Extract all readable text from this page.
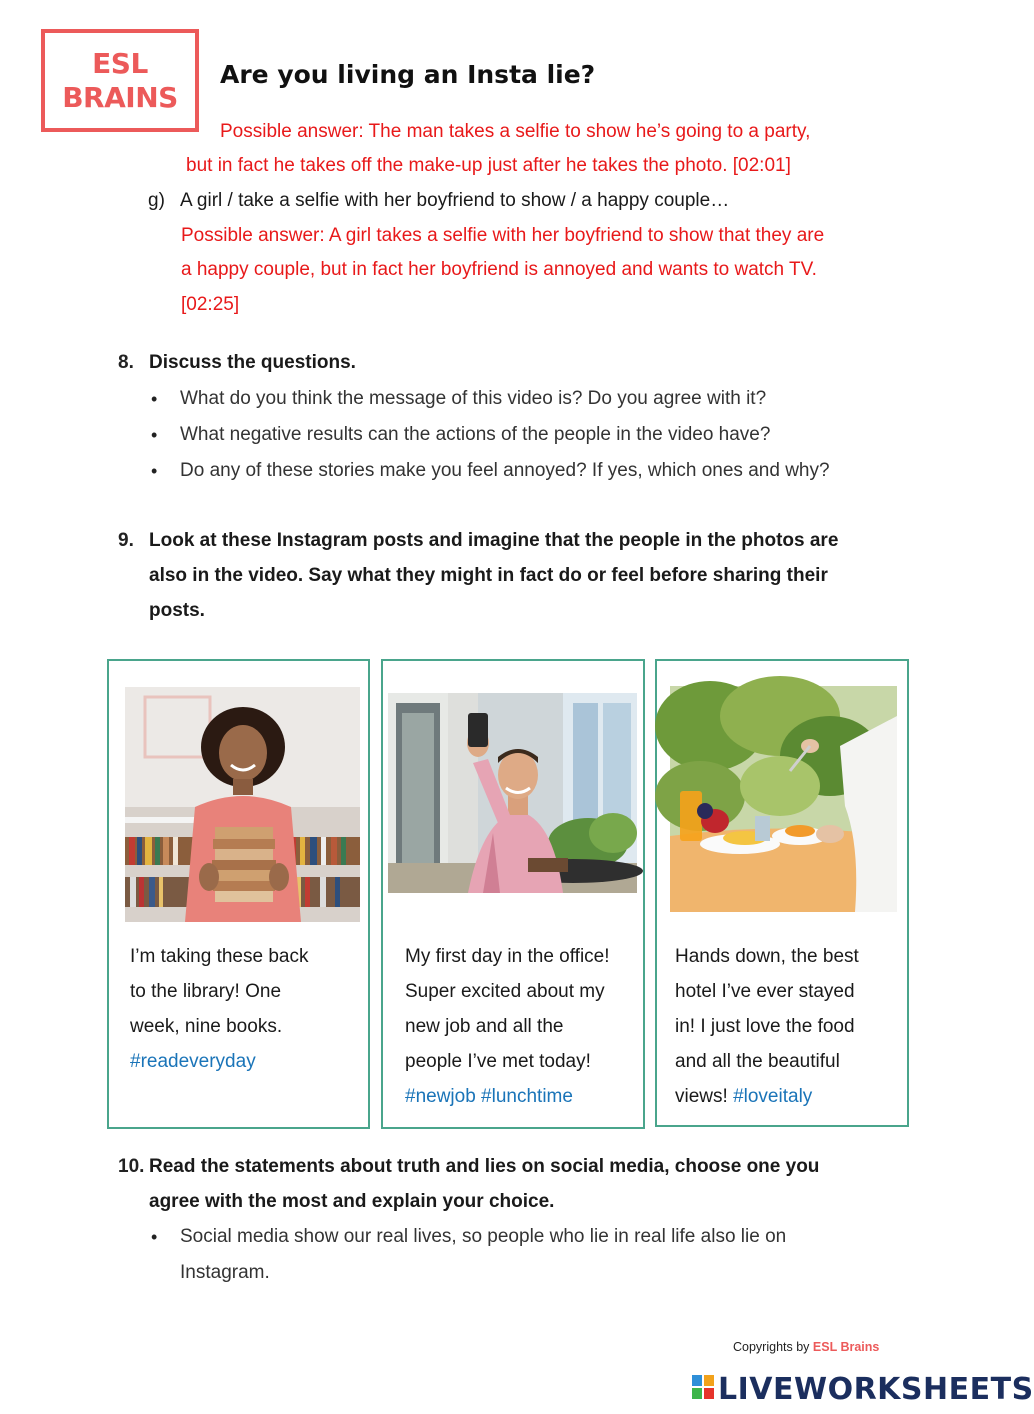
ESL
BRAINS
Are you living an Insta lie?
Possible answer: The man takes a selfie to show he’s going to a party,
but in fact he takes off the make-up just after he takes the photo. [02:01]
g) A girl / take a selfie with her boyfriend to show / a happy couple…
Possible answer: A girl takes a selfie with her boyfriend to show that they are
a happy couple, but in fact her boyfriend is annoyed and wants to watch TV.
[02:25]
8. Discuss the questions.
• What do you think the message of this video is? Do you agree with it?
• What negative results can the actions of the people in the video have?
• Do any of these stories make you feel annoyed? If yes, which ones and why?
9. Look at these Instagram posts and imagine that the people in the photos are
also in the video. Say what they might in fact do or feel before sharing their
posts.
I’m taking these back
to the library! One
week, nine books.
#readeveryday
My first day in the office!
Super excited about my
new job and all the
people I’ve met today!
#newjob #lunchtime
Hands down, the best
hotel I’ve ever stayed
in! I just love the food
and all the beautiful
views! #loveitaly
10. Read the statements about truth and lies on social media, choose one you
agree with the most and explain your choice.
• Social media show our real lives, so people who lie in real life also lie on
Instagram.
Copyrights by ESL Brains
LIVEWORKSHEETS
